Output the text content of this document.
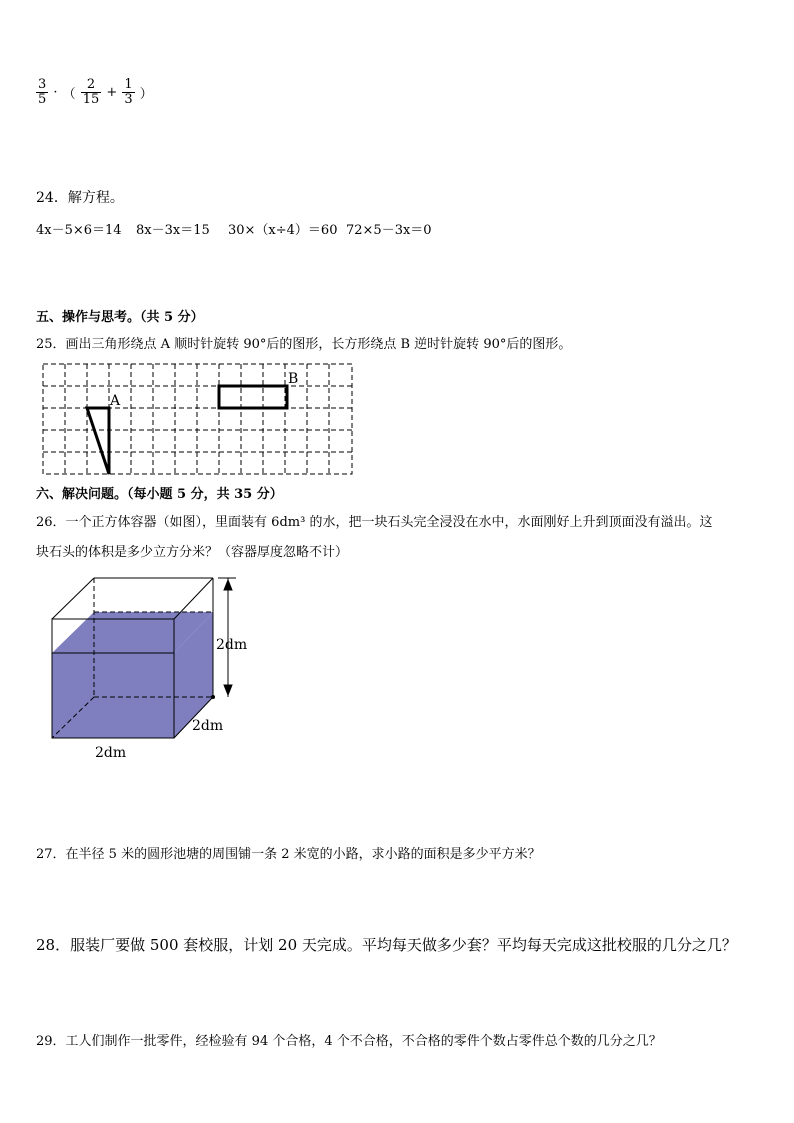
$\frac{3}{5}$ · （ $\frac{2}{15} + \frac{1}{3}$ ）
24．解方程。
4x－5×6＝14 8x－3x＝15 30×（x÷4）＝60 72×5－3x＝0
五、操作与思考。（共 5 分）
25．画出三角形绕点 A 顺时针旋转 90°后的图形，长方形绕点 B 逆时针旋转 90°后的图形。
A
B
六、解决问题。（每小题 5 分，共 35 分）
26．一个正方体容器（如图），里面装有 6dm³ 的水，把一块石头完全浸没在水中，水面刚好上升到顶面没有溢出。这
块石头的体积是多少立方分米？（容器厚度忽略不计）
2dm
2dm
2dm
27．在半径 5 米的圆形池塘的周围铺一条 2 米宽的小路，求小路的面积是多少平方米？
28．服装厂要做 500 套校服，计划 20 天完成。平均每天做多少套？平均每天完成这批校服的几分之几？
29．工人们制作一批零件，经检验有 94 个合格，4 个不合格，不合格的零件个数占零件总个数的几分之几？
